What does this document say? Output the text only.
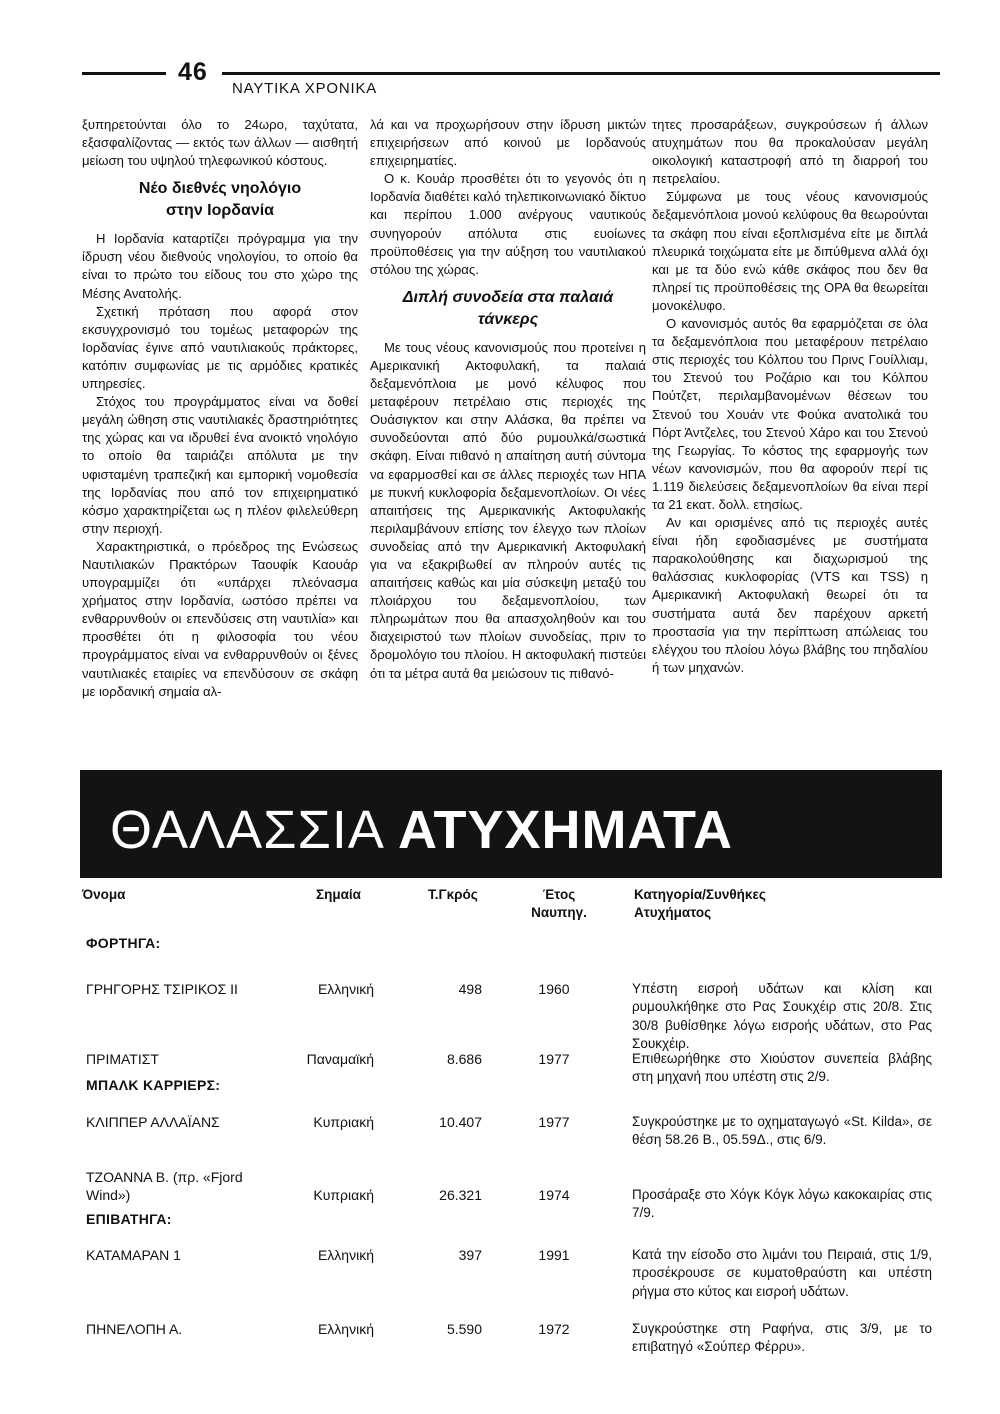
46
ΝΑΥΤΙΚΑ ΧΡΟΝΙΚΑ

ξυπηρετούνται όλο το 24ωρο, ταχύτατα, εξασφαλίζοντας — εκτός των άλλων — αισθητή μείωση του υψηλού τηλεφωνικού κόστους.

Νέο διεθνές νηολόγιο
στην Ιορδανία

Η Ιορδανία καταρτίζει πρόγραμμα για την ίδρυση νέου διεθνούς νηολογίου, το οποίο θα είναι το πρώτο του είδους του στο χώρο της Μέσης Ανατολής.

Σχετική πρόταση που αφορά στον εκσυγχρονισμό του τομέως μεταφορών της Ιορδανίας έγινε από ναυτιλιακούς πράκτορες, κατόπιν συμφωνίας με τις αρμόδιες κρατικές υπηρεσίες.

Στόχος του προγράμματος είναι να δοθεί μεγάλη ώθηση στις ναυτιλιακές δραστηριότητες της χώρας και να ιδρυθεί ένα ανοικτό νηολόγιο το οποίο θα ταιριάζει απόλυτα με την υφισταμένη τραπεζική και εμπορική νομοθεσία της Ιορδανίας που από τον επιχειρηματικό κόσμο χαρακτηρίζεται ως η πλέον φιλελεύθερη στην περιοχή.

Χαρακτηριστικά, ο πρόεδρος της Ενώσεως Ναυτιλιακών Πρακτόρων Ταουφίκ Καουάρ υπογραμμίζει ότι «υπάρχει πλεόνασμα χρήματος στην Ιορδανία, ωστόσο πρέπει να ενθαρρυνθούν οι επενδύσεις στη ναυτιλία» και προσθέτει ότι η φιλοσοφία του νέου προγράμματος είναι να ενθαρρυνθούν οι ξένες ναυτιλιακές εταιρίες να επενδύσουν σε σκάφη με ιορδανική σημαία αλ-

λά και να προχωρήσουν στην ίδρυση μικτών επιχειρήσεων από κοινού με Ιορδανούς επιχειρηματίες.

Ο κ. Κουάρ προσθέτει ότι το γεγονός ότι η Ιορδανία διαθέτει καλό τηλεπικοινωνιακό δίκτυο και περίπου 1.000 ανέργους ναυτικούς συνηγορούν απόλυτα στις ευοίωνες προϋποθέσεις για την αύξηση του ναυτιλιακού στόλου της χώρας.

Διπλή συνοδεία στα παλαιά
τάνκερς

Με τους νέους κανονισμούς που προτείνει η Αμερικανική Ακτοφυλακή, τα παλαιά δεξαμενόπλοια με μονό κέλυφος που μεταφέρουν πετρέλαιο στις περιοχές της Ουάσιγκτον και στην Αλάσκα, θα πρέπει να συνοδεύονται από δύο ρυμουλκά/σωστικά σκάφη. Είναι πιθανό η απαίτηση αυτή σύντομα να εφαρμοσθεί και σε άλλες περιοχές των ΗΠΑ με πυκνή κυκλοφορία δεξαμενοπλοίων. Οι νέες απαιτήσεις της Αμερικανικής Ακτοφυλακής περιλαμβάνουν επίσης τον έλεγχο των πλοίων συνοδείας από την Αμερικανική Ακτοφυλακή για να εξακριβωθεί αν πληρούν αυτές τις απαιτήσεις καθώς και μία σύσκεψη μεταξύ του πλοιάρχου του δεξαμενοπλοίου, των πληρωμάτων που θα απασχοληθούν και του διαχειριστού των πλοίων συνοδείας, πριν το δρομολόγιο του πλοίου. Η ακτοφυλακή πιστεύει ότι τα μέτρα αυτά θα μειώσουν τις πιθανό-

τητες προσαράξεων, συγκρούσεων ή άλλων ατυχημάτων που θα προκαλούσαν μεγάλη οικολογική καταστροφή από τη διαρροή του πετρελαίου.

Σύμφωνα με τους νέους κανονισμούς δεξαμενόπλοια μονού κελύφους θα θεωρούνται τα σκάφη που είναι εξοπλισμένα είτε με διπλά πλευρικά τοιχώματα είτε με διπύθμενα αλλά όχι και με τα δύο ενώ κάθε σκάφος που δεν θα πληρεί τις προϋποθέσεις της OPA θα θεωρείται μονοκέλυφο.

Ο κανονισμός αυτός θα εφαρμόζεται σε όλα τα δεξαμενόπλοια που μεταφέρουν πετρέλαιο στις περιοχές του Κόλπου του Πρινς Γουίλλιαμ, του Στενού του Ροζάριο και του Κόλπου Πούτζετ, περιλαμβανομένων θέσεων του Στενού του Χουάν ντε Φούκα ανατολικά του Πόρτ Άντζελες, του Στενού Χάρο και του Στενού της Γεωργίας. Το κόστος της εφαρμογής των νέων κανονισμών, που θα αφορούν περί τις 1.119 διελεύσεις δεξαμενοπλοίων θα είναι περί τα 21 εκατ. δολλ. ετησίως.

Αν και ορισμένες από τις περιοχές αυτές είναι ήδη εφοδιασμένες με συστήματα παρακολούθησης και διαχωρισμού της θαλάσσιας κυκλοφορίας (VTS και TSS) η Αμερικανική Ακτοφυλακή θεωρεί ότι τα συστήματα αυτά δεν παρέχουν αρκετή προστασία για την περίπτωση απώλειας του ελέγχου του πλοίου λόγω βλάβης του πηδαλίου ή των μηχανών.

ΘΑΛΑΣΣΙΑ ΑΤΥΧΗΜΑΤΑ
Όνομα	Σημαία	Τ.Γκρός	Έτος
Ναυπηγ.
Κατηγορία/Συνθήκες
Ατυχήματος
ΦΟΡΤΗΓΑ:
ΓΡΗΓΟΡΗΣ ΤΣΙΡΙΚΟΣ ΙΙ	Ελληνική	498	1960	Υπέστη εισροή υδάτων και κλίση και ρυμουλκήθηκε στο Ρας Σουκχέιρ στις 20/8. Στις 30/8 βυθίσθηκε λόγω εισροής υδάτων, στο Ρας Σουκχέιρ.
ΠΡΙΜΑΤΙΣΤ	Παναμαϊκή	8.686	1977	Επιθεωρήθηκε στο Χιούστον συνεπεία βλάβης στη μηχανή που υπέστη στις 2/9.
ΜΠΑΛΚ ΚΑΡΡΙΕΡΣ:
ΚΛΙΠΠΕΡ ΑΛΛΑΪΑΝΣ	Κυπριακή	10.407	1977	Συγκρούστηκε με το οχηματαγωγό «St. Kilda», σε θέση 58.26 Β., 05.59Δ., στις 6/9.
ΤΖΟΑΝΝΑ Β. (πρ. «Fjord Wind»)	Κυπριακή	26.321	1974	Προσάραξε στο Χόγκ Κόγκ λόγω κακοκαιρίας στις 7/9.
ΕΠΙΒΑΤΗΓΑ:
ΚΑΤΑΜΑΡΑΝ 1	Ελληνική	397	1991	Κατά την είσοδο στο λιμάνι του Πειραιά, στις 1/9, προσέκρουσε σε κυματοθραύστη και υπέστη ρήγμα στο κύτος και εισροή υδάτων.
ΠΗΝΕΛΟΠΗ Α.	Ελληνική	5.590	1972	Συγκρούστηκε στη Ραφήνα, στις 3/9, με το επιβατηγό «Σούπερ Φέρρυ».
